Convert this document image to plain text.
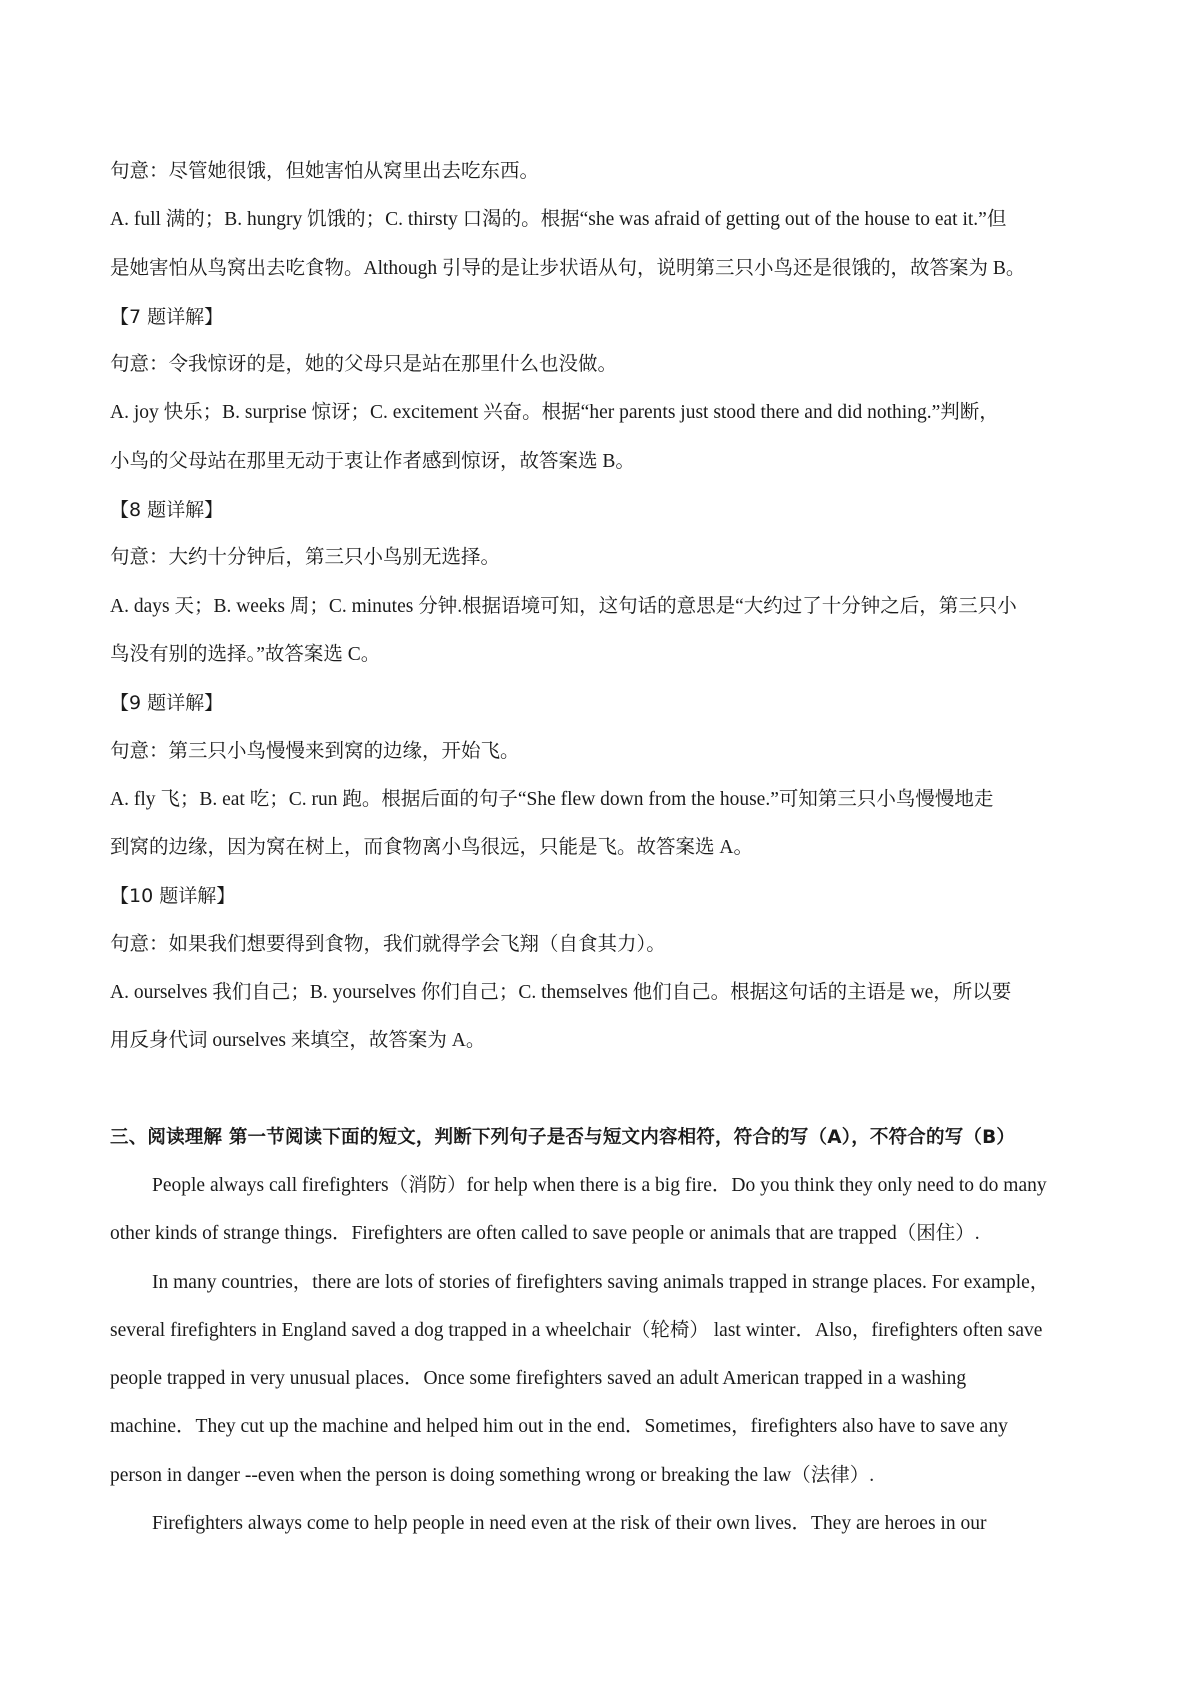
句意：尽管她很饿，但她害怕从窝里出去吃东西。

A. full 满的；B. hungry 饥饿的；C. thirsty 口渴的。根据“she was afraid of getting out of the house to eat it.”但

是她害怕从鸟窝出去吃食物。Although 引导的是让步状语从句，说明第三只小鸟还是很饿的，故答案为 B。

【7 题详解】

句意：令我惊讶的是，她的父母只是站在那里什么也没做。

A. joy 快乐；B. surprise 惊讶；C. excitement 兴奋。根据“her parents just stood there and did nothing.”判断，

小鸟的父母站在那里无动于衷让作者感到惊讶，故答案选 B。

【8 题详解】

句意：大约十分钟后，第三只小鸟别无选择。

A. days 天；B. weeks 周；C. minutes 分钟.根据语境可知，这句话的意思是“大约过了十分钟之后，第三只小

鸟没有别的选择。”故答案选 C。

【9 题详解】

句意：第三只小鸟慢慢来到窝的边缘，开始飞。

A. fly 飞；B. eat 吃；C. run 跑。根据后面的句子“She flew down from the house.”可知第三只小鸟慢慢地走

到窝的边缘，因为窝在树上，而食物离小鸟很远，只能是飞。故答案选 A。

【10 题详解】

句意：如果我们想要得到食物，我们就得学会飞翔（自食其力）。

A. ourselves 我们自己；B. yourselves 你们自己；C. themselves 他们自己。根据这句话的主语是 we，所以要

用反身代词 ourselves 来填空，故答案为 A。

三、阅读理解 第一节阅读下面的短文，判断下列句子是否与短文内容相符，符合的写（A），不符合的写（B）

People always call firefighters（消防）for help when there is a big fire．Do you think they only need to do many

other kinds of strange things．Firefighters are often called to save people or animals that are trapped（困住）.

In many countries，there are lots of stories of firefighters saving animals trapped in strange places. For example，

several firefighters in England saved a dog trapped in a wheelchair（轮椅） last winter．Also，firefighters often save

people trapped in very unusual places．Once some firefighters saved an adult American trapped in a washing

machine．They cut up the machine and helped him out in the end．Sometimes，firefighters also have to save any

person in danger --even when the person is doing something wrong or breaking the law（法律）.

Firefighters always come to help people in need even at the risk of their own lives．They are heroes in our
